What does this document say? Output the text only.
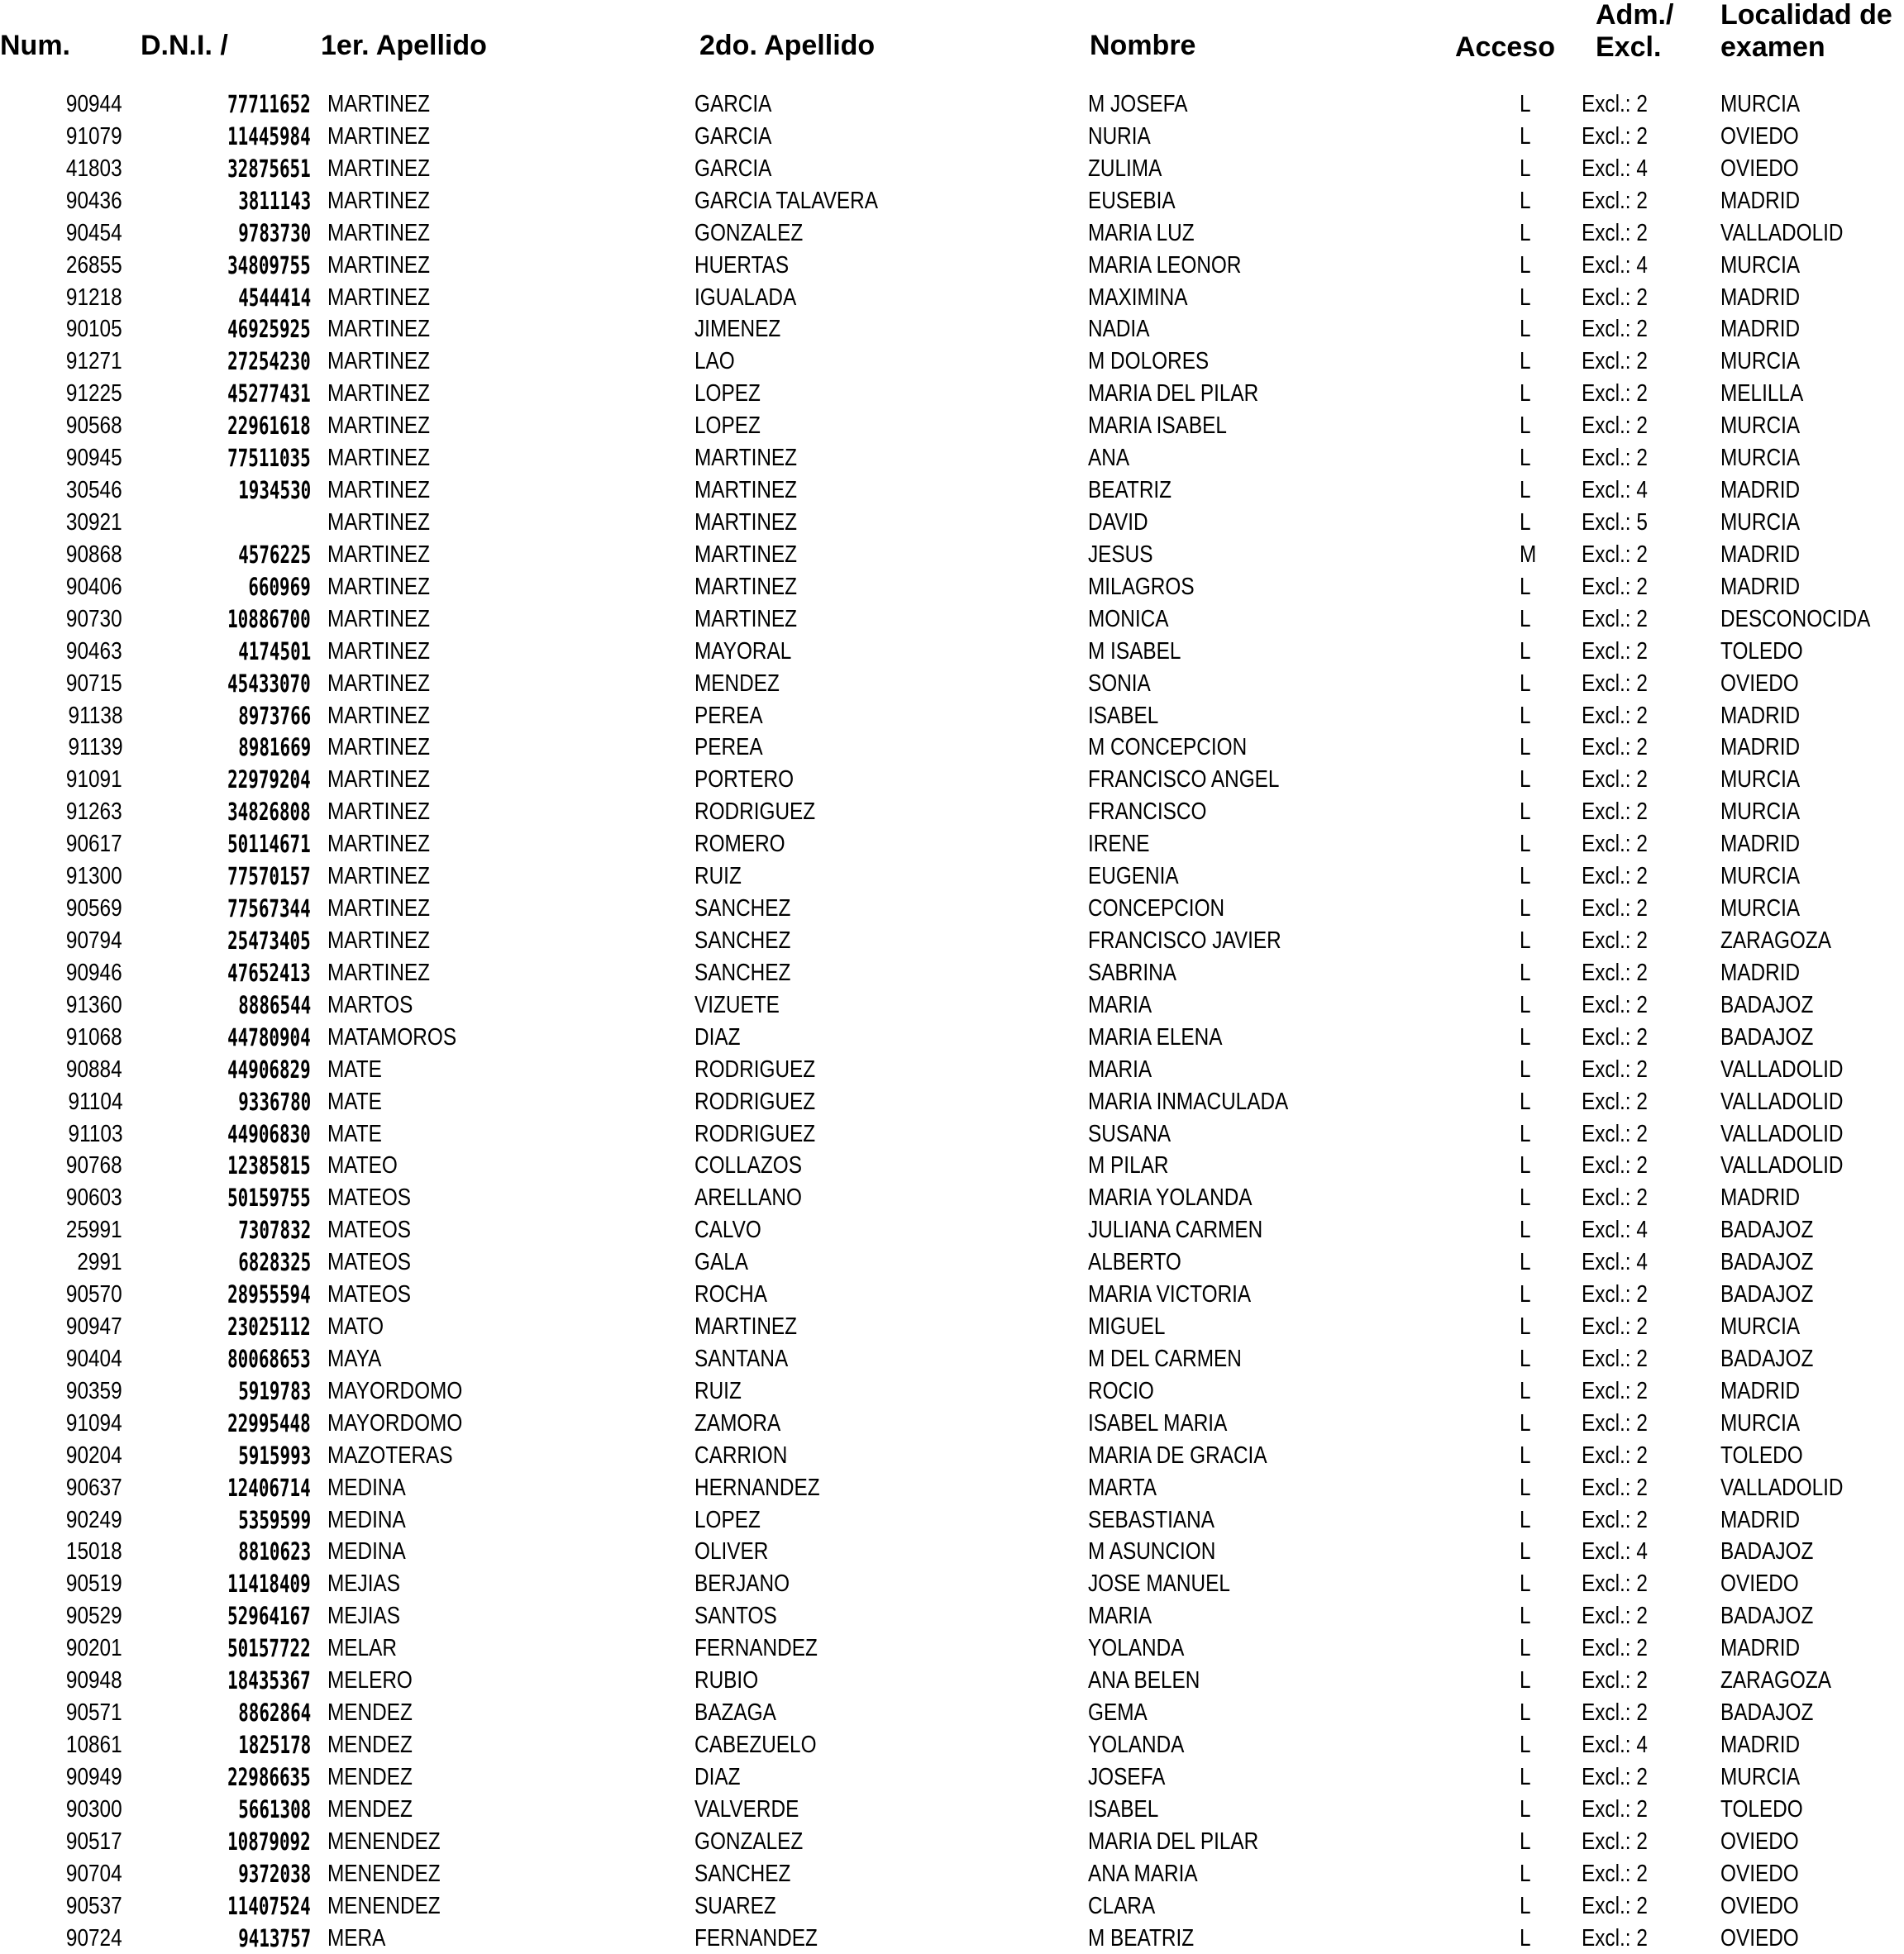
Num.	D.N.I. /	1er. Apellido	2do. Apellido	Nombre	Acceso
Adm./
Excl.
Localidad de
examen
90944	77711652 MARTINEZ	GARCIA	M JOSEFA	L Excl.: 2	MURCIA
91079	11445984 MARTINEZ	GARCIA	NURIA	L Excl.: 2	OVIEDO
41803	32875651 MARTINEZ	GARCIA	ZULIMA	L Excl.: 4	OVIEDO
90436	3811143 MARTINEZ	GARCIA TALAVERA	EUSEBIA	L Excl.: 2	MADRID
90454	9783730 MARTINEZ	GONZALEZ	MARIA LUZ	L Excl.: 2	VALLADOLID
26855	34809755 MARTINEZ	HUERTAS	MARIA LEONOR	L Excl.: 4	MURCIA
91218	4544414 MARTINEZ	IGUALADA	MAXIMINA	L Excl.: 2	MADRID
90105	46925925 MARTINEZ	JIMENEZ	NADIA	L Excl.: 2	MADRID
91271	27254230 MARTINEZ	LAO	M DOLORES	L Excl.: 2	MURCIA
91225	45277431 MARTINEZ	LOPEZ	MARIA DEL PILAR	L Excl.: 2	MELILLA
90568	22961618 MARTINEZ	LOPEZ	MARIA ISABEL	L Excl.: 2	MURCIA
90945	77511035 MARTINEZ	MARTINEZ	ANA	L Excl.: 2	MURCIA
30546	1934530 MARTINEZ	MARTINEZ	BEATRIZ	L Excl.: 4	MADRID
30921	MARTINEZ	MARTINEZ	DAVID	L Excl.: 5	MURCIA
90868	4576225 MARTINEZ	MARTINEZ	JESUS	M Excl.: 2	MADRID
90406	660969 MARTINEZ	MARTINEZ	MILAGROS	L Excl.: 2	MADRID
90730	10886700 MARTINEZ	MARTINEZ	MONICA	L Excl.: 2	DESCONOCIDA
90463	4174501 MARTINEZ	MAYORAL	M ISABEL	L Excl.: 2	TOLEDO
90715	45433070 MARTINEZ	MENDEZ	SONIA	L Excl.: 2	OVIEDO
91138	8973766 MARTINEZ	PEREA	ISABEL	L Excl.: 2	MADRID
91139	8981669 MARTINEZ	PEREA	M CONCEPCION	L Excl.: 2	MADRID
91091	22979204 MARTINEZ	PORTERO	FRANCISCO ANGEL	L Excl.: 2	MURCIA
91263	34826808 MARTINEZ	RODRIGUEZ	FRANCISCO	L Excl.: 2	MURCIA
90617	50114671 MARTINEZ	ROMERO	IRENE	L Excl.: 2	MADRID
91300	77570157 MARTINEZ	RUIZ	EUGENIA	L Excl.: 2	MURCIA
90569	77567344 MARTINEZ	SANCHEZ	CONCEPCION	L Excl.: 2	MURCIA
90794	25473405 MARTINEZ	SANCHEZ	FRANCISCO JAVIER	L Excl.: 2	ZARAGOZA
90946	47652413 MARTINEZ	SANCHEZ	SABRINA	L Excl.: 2	MADRID
91360	8886544 MARTOS	VIZUETE	MARIA	L Excl.: 2	BADAJOZ
91068	44780904 MATAMOROS	DIAZ	MARIA ELENA	L Excl.: 2	BADAJOZ
90884	44906829 MATE	RODRIGUEZ	MARIA	L Excl.: 2	VALLADOLID
91104	9336780 MATE	RODRIGUEZ	MARIA INMACULADA	L Excl.: 2	VALLADOLID
91103	44906830 MATE	RODRIGUEZ	SUSANA	L Excl.: 2	VALLADOLID
90768	12385815 MATEO	COLLAZOS	M PILAR	L Excl.: 2	VALLADOLID
90603	50159755 MATEOS	ARELLANO	MARIA YOLANDA	L Excl.: 2	MADRID
25991	7307832 MATEOS	CALVO	JULIANA CARMEN	L Excl.: 4	BADAJOZ
2991	6828325 MATEOS	GALA	ALBERTO	L Excl.: 4	BADAJOZ
90570	28955594 MATEOS	ROCHA	MARIA VICTORIA	L Excl.: 2	BADAJOZ
90947	23025112 MATO	MARTINEZ	MIGUEL	L Excl.: 2	MURCIA
90404	80068653 MAYA	SANTANA	M DEL CARMEN	L Excl.: 2	BADAJOZ
90359	5919783 MAYORDOMO	RUIZ	ROCIO	L Excl.: 2	MADRID
91094	22995448 MAYORDOMO	ZAMORA	ISABEL MARIA	L Excl.: 2	MURCIA
90204	5915993 MAZOTERAS	CARRION	MARIA DE GRACIA	L Excl.: 2	TOLEDO
90637	12406714 MEDINA	HERNANDEZ	MARTA	L Excl.: 2	VALLADOLID
90249	5359599 MEDINA	LOPEZ	SEBASTIANA	L Excl.: 2	MADRID
15018	8810623 MEDINA	OLIVER	M ASUNCION	L Excl.: 4	BADAJOZ
90519	11418409 MEJIAS	BERJANO	JOSE MANUEL	L Excl.: 2	OVIEDO
90529	52964167 MEJIAS	SANTOS	MARIA	L Excl.: 2	BADAJOZ
90201	50157722 MELAR	FERNANDEZ	YOLANDA	L Excl.: 2	MADRID
90948	18435367 MELERO	RUBIO	ANA BELEN	L Excl.: 2	ZARAGOZA
90571	8862864 MENDEZ	BAZAGA	GEMA	L Excl.: 2	BADAJOZ
10861	1825178 MENDEZ	CABEZUELO	YOLANDA	L Excl.: 4	MADRID
90949	22986635 MENDEZ	DIAZ	JOSEFA	L Excl.: 2	MURCIA
90300	5661308 MENDEZ	VALVERDE	ISABEL	L Excl.: 2	TOLEDO
90517	10879092 MENENDEZ	GONZALEZ	MARIA DEL PILAR	L Excl.: 2	OVIEDO
90704	9372038 MENENDEZ	SANCHEZ	ANA MARIA	L Excl.: 2	OVIEDO
90537	11407524 MENENDEZ	SUAREZ	CLARA	L Excl.: 2	OVIEDO
90724	9413757 MERA	FERNANDEZ	M BEATRIZ	L Excl.: 2	OVIEDO
